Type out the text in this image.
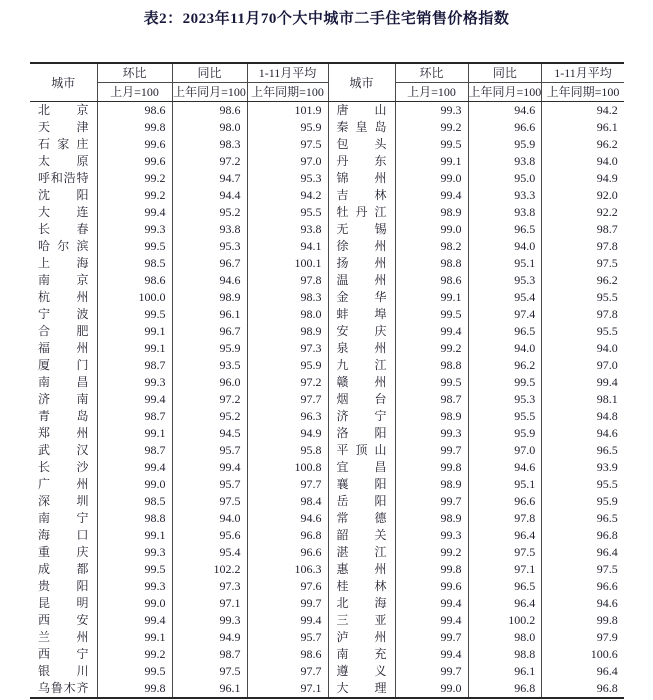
表2：2023年11月70个大中城市二手住宅销售价格指数
城市	环比	同比	1-11月平均	城市	环比	同比	1-11月平均
	上月=100	上年同月=100	上年同期=100		上月=100	上年同月=100	上年同期=100
北京	98.6	98.6	101.9	唐山	99.3	94.6	94.2
天津	99.8	98.0	95.9	秦皇岛	99.2	96.6	96.1
石家庄	99.6	98.3	97.5	包头	99.5	95.9	96.2
太原	99.6	97.2	97.0	丹东	99.1	93.8	94.0
呼和浩特	99.2	94.7	95.3	锦州	99.0	95.0	94.9
沈阳	99.2	94.4	94.2	吉林	99.4	93.3	92.0
大连	99.4	95.2	95.5	牡丹江	98.9	93.8	92.2
长春	99.3	93.8	93.8	无锡	99.0	96.5	98.7
哈尔滨	99.5	95.3	94.1	徐州	98.2	94.0	97.8
上海	98.5	96.7	100.1	扬州	98.8	95.1	97.5
南京	98.6	94.6	97.8	温州	98.6	95.3	96.2
杭州	100.0	98.9	98.3	金华	99.1	95.4	95.5
宁波	99.5	96.1	98.0	蚌埠	99.5	97.4	97.8
合肥	99.1	96.7	98.9	安庆	99.4	96.5	95.5
福州	99.1	95.9	97.3	泉州	99.2	94.0	94.0
厦门	98.7	93.5	95.9	九江	98.8	96.2	97.0
南昌	99.3	96.0	97.2	赣州	99.5	99.5	99.4
济南	99.4	97.2	97.7	烟台	98.7	95.3	98.1
青岛	98.7	95.2	96.3	济宁	98.9	95.5	94.8
郑州	99.1	94.5	94.9	洛阳	99.3	95.9	94.6
武汉	98.7	95.7	95.8	平顶山	99.7	97.0	96.5
长沙	99.4	99.4	100.8	宜昌	99.8	94.6	93.9
广州	99.0	95.7	97.7	襄阳	98.9	95.1	95.5
深圳	98.5	97.5	98.4	岳阳	99.7	96.6	95.9
南宁	98.8	94.0	94.6	常德	98.9	97.8	96.5
海口	99.1	95.6	96.8	韶关	99.3	96.4	96.8
重庆	99.3	95.4	96.6	湛江	99.2	97.5	96.4
成都	99.5	102.2	106.3	惠州	99.8	97.1	97.5
贵阳	99.3	97.3	97.6	桂林	99.6	96.5	96.6
昆明	99.0	97.1	99.7	北海	99.4	96.4	94.6
西安	99.4	99.3	99.4	三亚	99.4	100.2	99.8
兰州	99.1	94.9	95.7	泸州	99.7	98.0	97.9
西宁	99.2	98.7	98.6	南充	99.4	98.8	100.6
银川	99.5	97.5	97.7	遵义	99.7	96.1	96.4
乌鲁木齐	99.8	96.1	97.1	大理	99.0	96.8	96.8
